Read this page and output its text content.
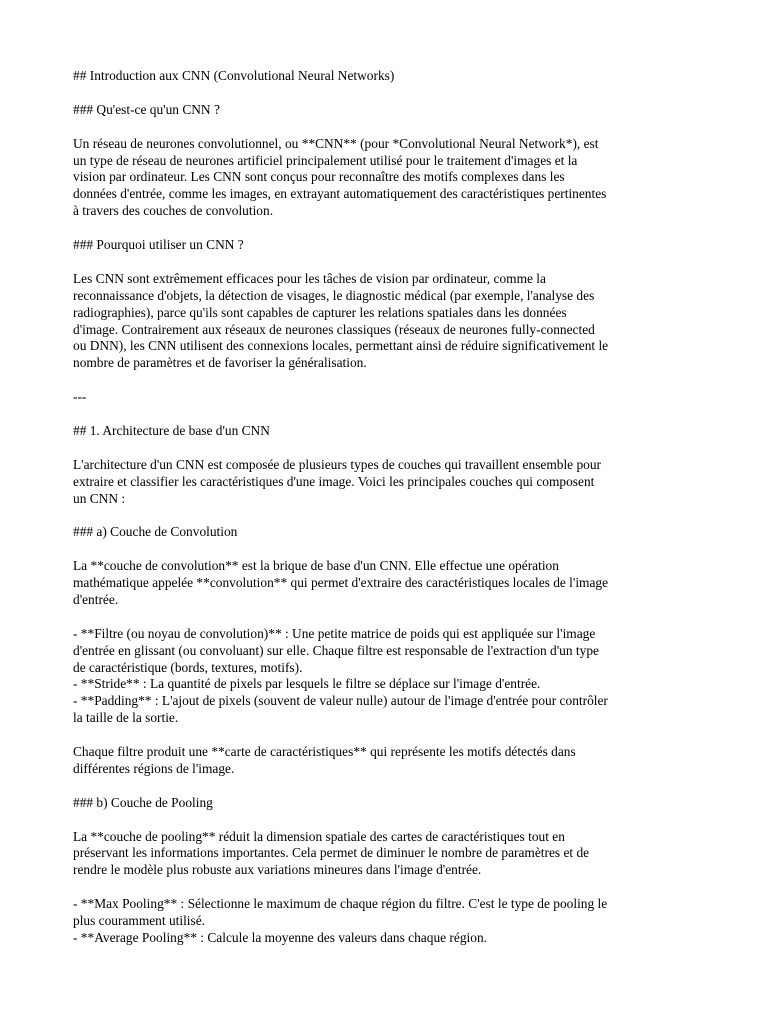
## Introduction aux CNN (Convolutional Neural Networks)

### Qu'est-ce qu'un CNN ?

Un réseau de neurones convolutionnel, ou **CNN** (pour *Convolutional Neural Network*), est
un type de réseau de neurones artificiel principalement utilisé pour le traitement d'images et la
vision par ordinateur. Les CNN sont conçus pour reconnaître des motifs complexes dans les
données d'entrée, comme les images, en extrayant automatiquement des caractéristiques pertinentes
à travers des couches de convolution.

### Pourquoi utiliser un CNN ?

Les CNN sont extrêmement efficaces pour les tâches de vision par ordinateur, comme la
reconnaissance d'objets, la détection de visages, le diagnostic médical (par exemple, l'analyse des
radiographies), parce qu'ils sont capables de capturer les relations spatiales dans les données
d'image. Contrairement aux réseaux de neurones classiques (réseaux de neurones fully-connected
ou DNN), les CNN utilisent des connexions locales, permettant ainsi de réduire significativement le
nombre de paramètres et de favoriser la généralisation.

---

## 1. Architecture de base d'un CNN

L'architecture d'un CNN est composée de plusieurs types de couches qui travaillent ensemble pour
extraire et classifier les caractéristiques d'une image. Voici les principales couches qui composent
un CNN :

### a) Couche de Convolution

La **couche de convolution** est la brique de base d'un CNN. Elle effectue une opération
mathématique appelée **convolution** qui permet d'extraire des caractéristiques locales de l'image
d'entrée.

- **Filtre (ou noyau de convolution)** : Une petite matrice de poids qui est appliquée sur l'image
d'entrée en glissant (ou convoluant) sur elle. Chaque filtre est responsable de l'extraction d'un type
de caractéristique (bords, textures, motifs).
- **Stride** : La quantité de pixels par lesquels le filtre se déplace sur l'image d'entrée.
- **Padding** : L'ajout de pixels (souvent de valeur nulle) autour de l'image d'entrée pour contrôler
la taille de la sortie.

Chaque filtre produit une **carte de caractéristiques** qui représente les motifs détectés dans
différentes régions de l'image.

### b) Couche de Pooling

La **couche de pooling** réduit la dimension spatiale des cartes de caractéristiques tout en
préservant les informations importantes. Cela permet de diminuer le nombre de paramètres et de
rendre le modèle plus robuste aux variations mineures dans l'image d'entrée.

- **Max Pooling** : Sélectionne le maximum de chaque région du filtre. C'est le type de pooling le
plus couramment utilisé.
- **Average Pooling** : Calcule la moyenne des valeurs dans chaque région.
